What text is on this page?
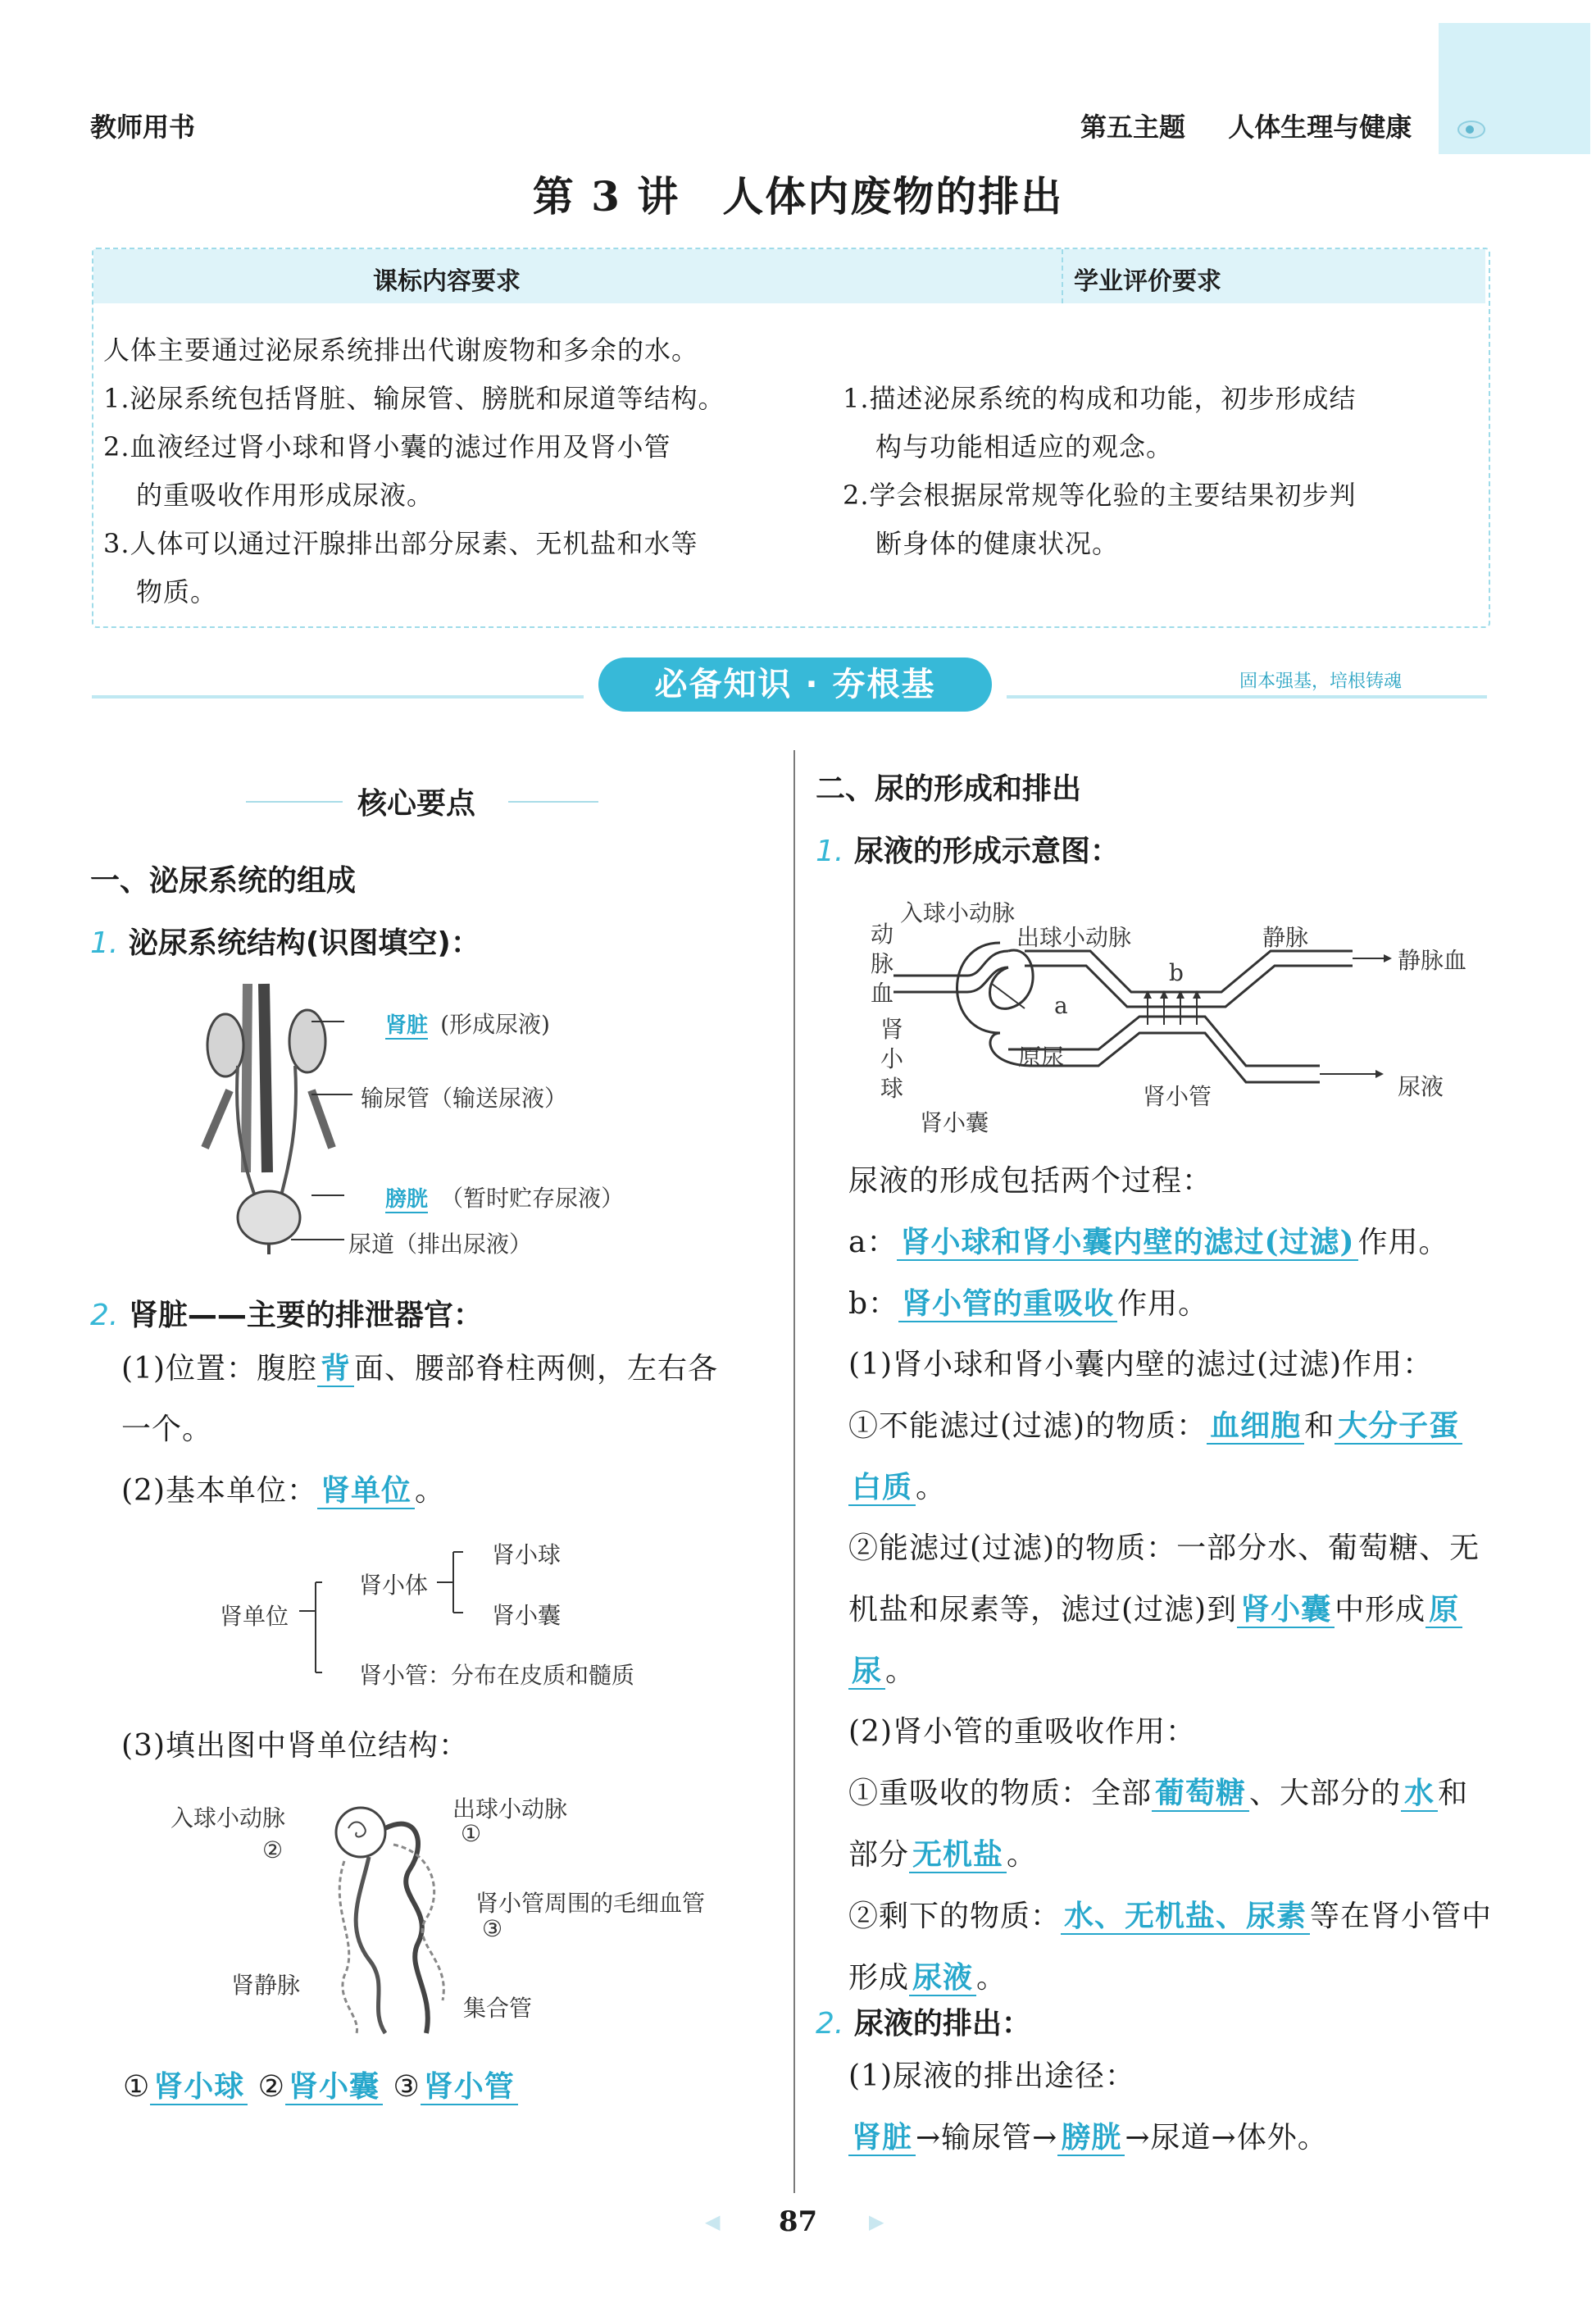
教师用书	第五主题 人体生理与健康
第 3 讲　人体内废物的排出
课标内容要求	学业评价要求

人体主要通过泌尿系统排出代谢废物和多余的水。

1.泌尿系统包括肾脏、输尿管、膀胱和尿道等结构。

2.血液经过肾小球和肾小囊的滤过作用及肾小管

的重吸收作用形成尿液。

3.人体可以通过汗腺排出部分尿素、无机盐和水等

物质。

1.描述泌尿系统的构成和功能，初步形成结

构与功能相适应的观念。

2.学会根据尿常规等化验的主要结果初步判

断身体的健康状况。

必备知识 · 夯根基	固本强基，培根铸魂
核心要点
一、泌尿系统的组成
1. 泌尿系统结构(识图填空)：
肾脏 (形成尿液)
输尿管（输送尿液）
膀胱 （暂时贮存尿液）
尿道（排出尿液）
2. 肾脏——主要的排泄器官：

(1)位置：腹腔 背 面、腰部脊柱两侧，左右各

一个。

(2)基本单位： 肾单位 。

肾单位
肾小体
肾小球
肾小囊
肾小管：分布在皮质和髓质
(3)填出图中肾单位结构：
入球小动脉
②
出球小动脉
①
肾小管周围的毛细血管
③
肾静脉
集合管
① 肾小球 ② 肾小囊 ③ 肾小管
二、尿的形成和排出
1. 尿液的形成示意图：
入球小动脉
动
脉
血
出球小动脉	静脉
静脉血
b
a
肾
小
球
原尿
肾小管	尿液
肾小囊

尿液的形成包括两个过程：

a： 肾小球和肾小囊内壁的滤过(过滤) 作用。

b： 肾小管的重吸收 作用。

(1)肾小球和肾小囊内壁的滤过(过滤)作用：

①不能滤过(过滤)的物质： 血细胞 和 大分子蛋

白质 。

②能滤过(过滤)的物质：一部分水、葡萄糖、无

机盐和尿素等，滤过(过滤)到 肾小囊 中形成 原

尿 。

(2)肾小管的重吸收作用：

①重吸收的物质：全部 葡萄糖 、大部分的 水 和

部分 无机盐 。

②剩下的物质： 水、无机盐、尿素 等在肾小管中

形成 尿液 。

2. 尿液的排出：

(1)尿液的排出途径：

肾脏 →输尿管→ 膀胱 →尿道→体外。

◀	87	▶
